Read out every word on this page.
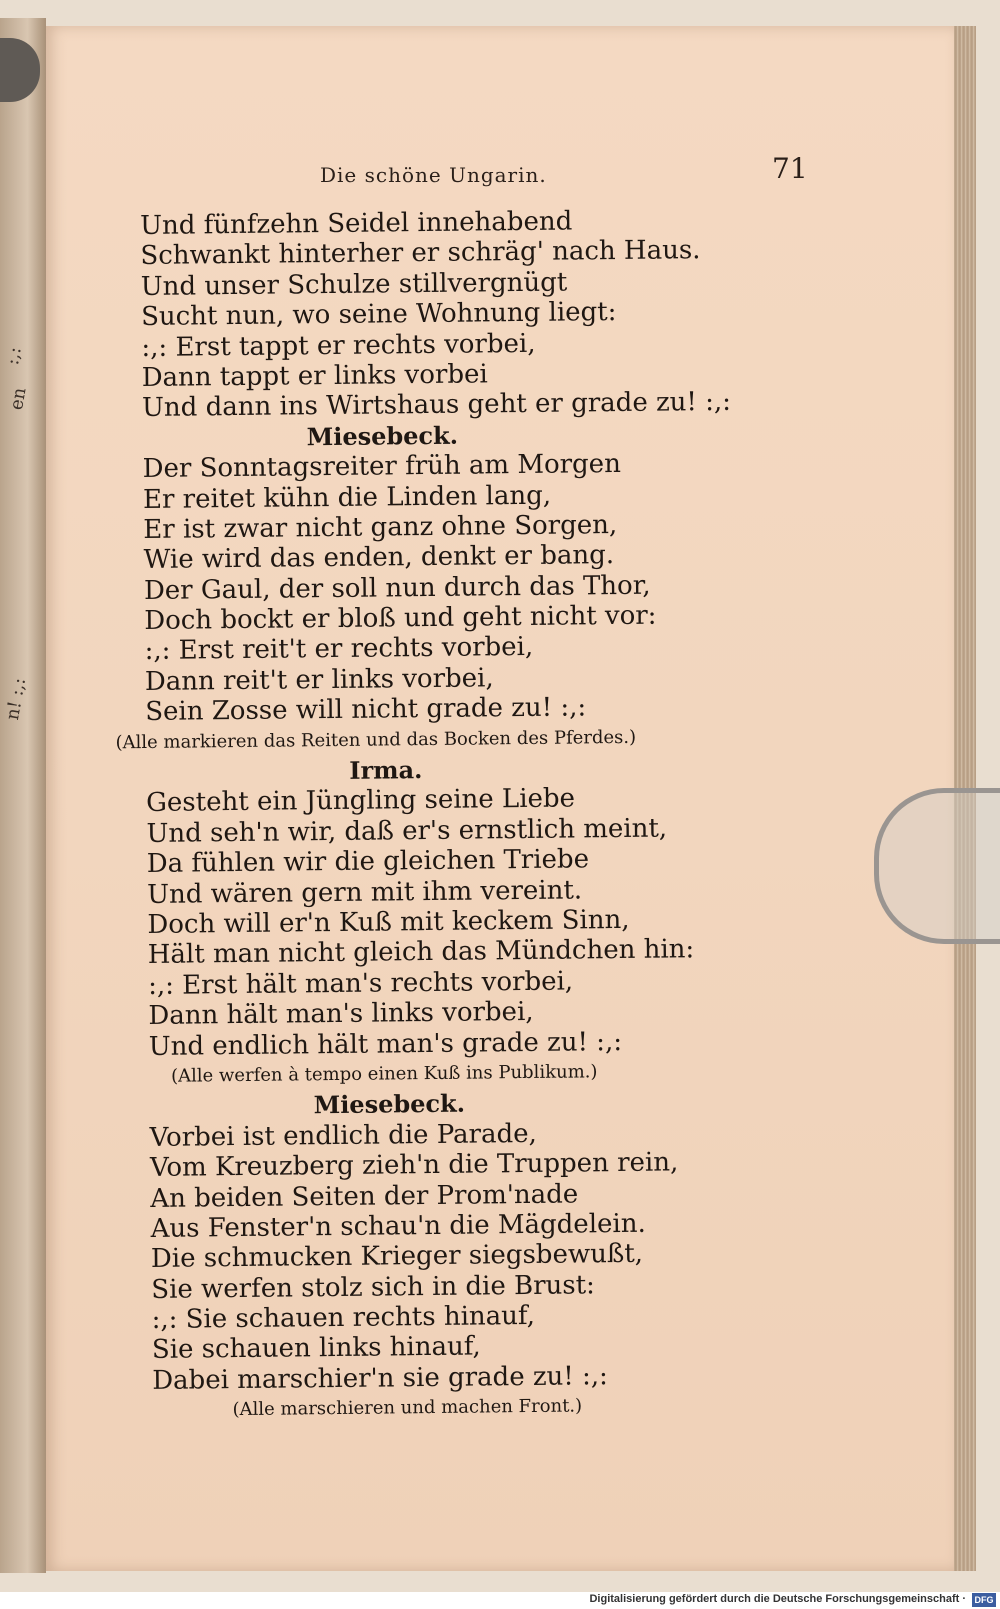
:,:
en
n! :,:
Die schöne Ungarin.	71
Und fünfzehn Seidel innehabend
Schwankt hinterher er schräg' nach Haus.
Und unser Schulze stillvergnügt
Sucht nun, wo seine Wohnung liegt:
:,: Erst tappt er rechts vorbei,
Dann tappt er links vorbei
Und dann ins Wirtshaus geht er grade zu! :,:
Miesebeck.
Der Sonntagsreiter früh am Morgen
Er reitet kühn die Linden lang,
Er ist zwar nicht ganz ohne Sorgen,
Wie wird das enden, denkt er bang.
Der Gaul, der soll nun durch das Thor,
Doch bockt er bloß und geht nicht vor:
:,: Erst reit't er rechts vorbei,
Dann reit't er links vorbei,
Sein Zosse will nicht grade zu! :,:
(Alle markieren das Reiten und das Bocken des Pferdes.)
Irma.
Gesteht ein Jüngling seine Liebe
Und seh'n wir, daß er's ernstlich meint,
Da fühlen wir die gleichen Triebe
Und wären gern mit ihm vereint.
Doch will er'n Kuß mit keckem Sinn,
Hält man nicht gleich das Mündchen hin:
:,: Erst hält man's rechts vorbei,
Dann hält man's links vorbei,
Und endlich hält man's grade zu! :,:
(Alle werfen à tempo einen Kuß ins Publikum.)
Miesebeck.
Vorbei ist endlich die Parade,
Vom Kreuzberg zieh'n die Truppen rein,
An beiden Seiten der Prom'nade
Aus Fenster'n schau'n die Mägdelein.
Die schmucken Krieger siegsbewußt,
Sie werfen stolz sich in die Brust:
:,: Sie schauen rechts hinauf,
Sie schauen links hinauf,
Dabei marschier'n sie grade zu! :,:
(Alle marschieren und machen Front.)
Digitalisierung gefördert durch die Deutsche Forschungsgemeinschaft · DFG
